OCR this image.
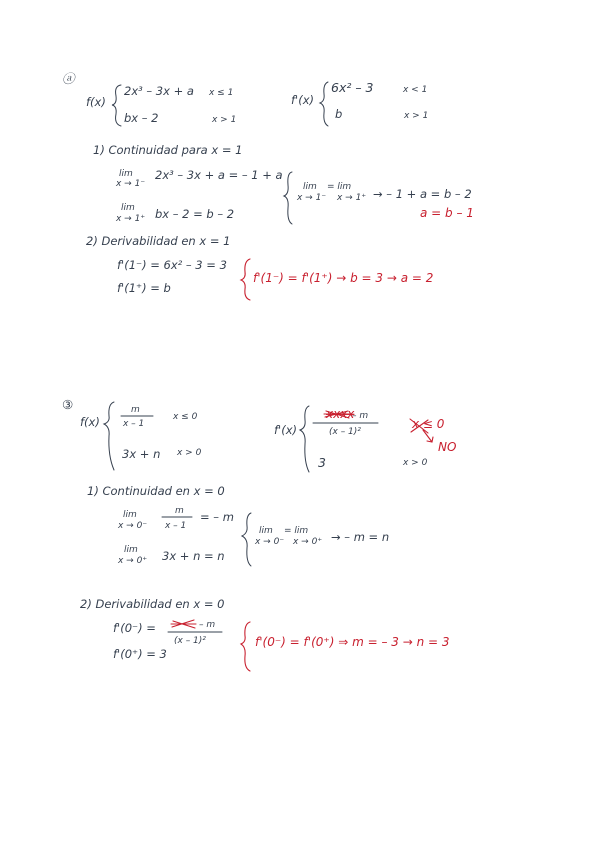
ⓐ
f(x)
2x³ – 3x + a x ≤ 1
bx – 2	x > 1
f'(x)
6x² – 3	x < 1
b	x > 1
1) Continuidad para x = 1
lim
x → 1⁻
2x³ – 3x + a = – 1 + a
lim
x → 1⁺ bx – 2 = b – 2
lim
x → 1⁻
= lim
x → 1⁺ → – 1 + a = b – 2
a = b – 1
2) Derivabilidad en x = 1
f'(1⁻) = 6x² – 3 = 3
f'(1⁺) = b
f'(1⁻) = f'(1⁺) → b = 3 → a = 2
③
f(x)
m
x – 1
x ≤ 0
3x + n x > 0
f'(x)
xxxx
– m
(x – 1)²
x ≤ 0
NO
3	x > 0
1) Continuidad en x = 0
lim
x → 0⁻
m
x – 1
= – m
lim
x → 0⁺ 3x + n = n
lim
x → 0⁻
= lim
x → 0⁺ → – m = n
2) Derivabilidad en x = 0
f'(0⁻) =	– m
(x – 1)²
f'(0⁺) = 3
f'(0⁻) = f'(0⁺) ⇒ m = – 3 → n = 3
